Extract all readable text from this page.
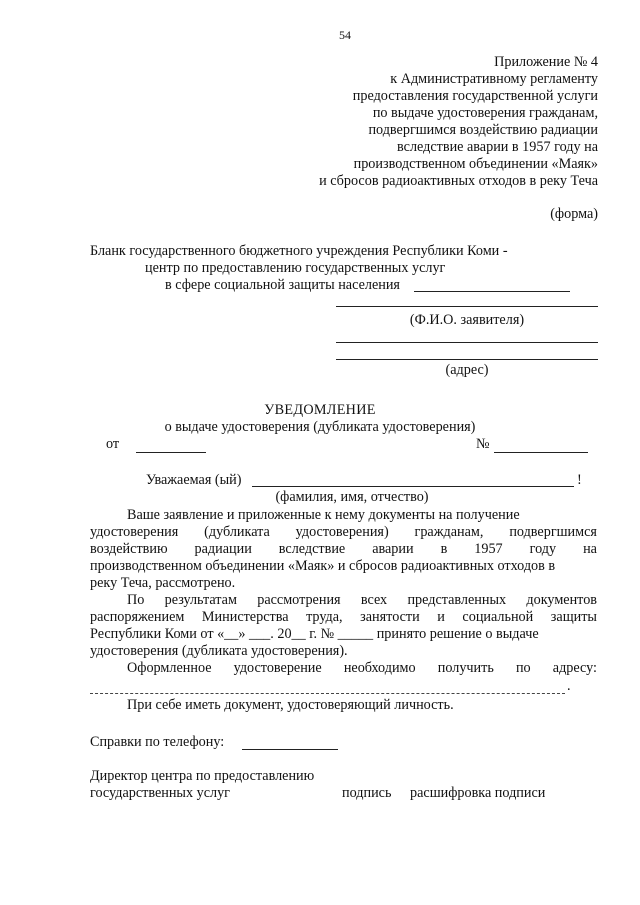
54
Приложение № 4
к Административному регламенту
предоставления государственной услуги
по выдаче удостоверения гражданам,
подвергшимся воздействию радиации
вследствие аварии в 1957 году на
производственном объединении «Маяк»
и сбросов радиоактивных отходов в реку Теча
(форма)
Бланк государственного бюджетного учреждения Республики Коми -
центр по предоставлению государственных услуг
в сфере социальной защиты населения
(Ф.И.О. заявителя)
(адрес)
УВЕДОМЛЕНИЕ
о выдаче удостоверения (дубликата удостоверения)
от	№
Уважаемая (ый)	!
(фамилия, имя, отчество)
Ваше заявление и приложенные к нему документы на получение
удостоверения (дубликата удостоверения) гражданам, подвергшимся
воздействию радиации вследствие аварии в 1957 году на
производственном объединении «Маяк» и сбросов радиоактивных отходов в
реку Теча, рассмотрено.
По результатам рассмотрения всех представленных документов
распоряжением Министерства труда, занятости и социальной защиты
Республики Коми от «__» ___. 20__ г. № _____ принято решение о выдаче
удостоверения (дубликата удостоверения).
Оформленное удостоверение необходимо получить по адресу:
.
При себе иметь документ, удостоверяющий личность.
Справки по телефону:
Директор центра по предоставлению
государственных услуг	подпись расшифровка подписи
